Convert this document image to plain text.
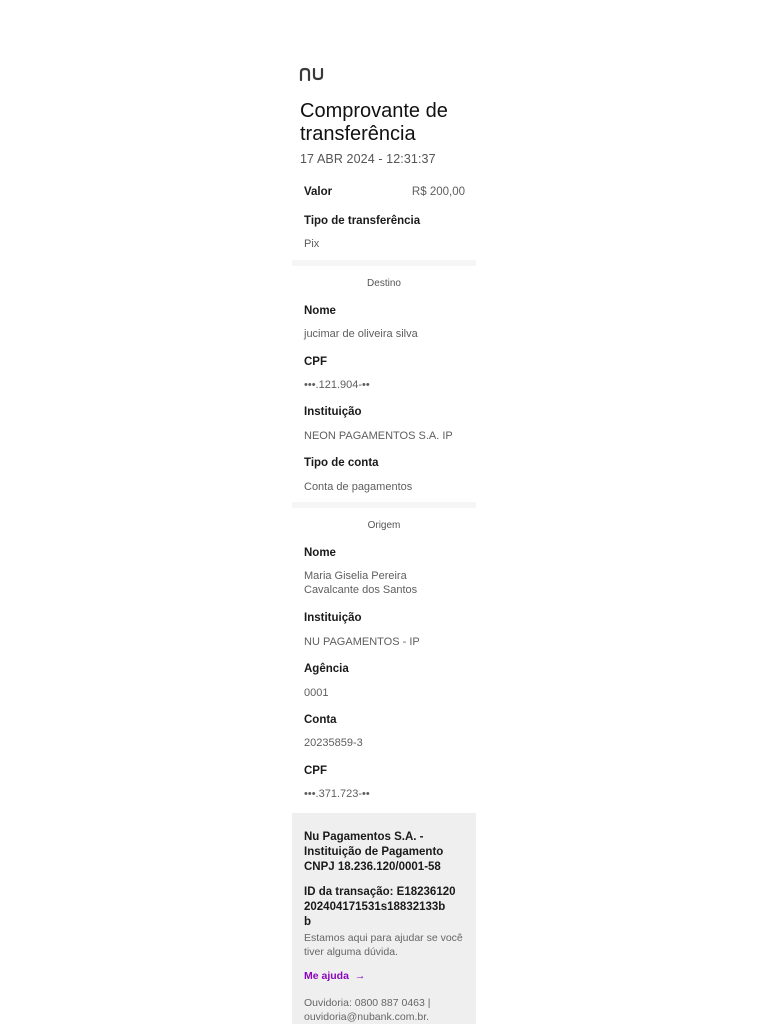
Comprovante de
transferência
17 ABR 2024 - 12:31:37
Valor	R$ 200,00
Tipo de transferência
Pix
Destino
Nome
jucimar de oliveira silva
CPF
•••.121.904-••
Instituição
NEON PAGAMENTOS S.A. IP
Tipo de conta
Conta de pagamentos
Origem
Nome
Maria Giselia Pereira
Cavalcante dos Santos
Instituição
NU PAGAMENTOS - IP
Agência
0001
Conta
20235859-3
CPF
•••.371.723-••
Nu Pagamentos S.A. -
Instituição de Pagamento
CNPJ 18.236.120/0001-58
ID da transação: E18236120
202404171531s18832133b
b
Estamos aqui para ajudar se você
tiver alguma dúvida.
Me ajuda →
Ouvidoria: 0800 887 0463 |
ouvidoria@nubank.com.br.
